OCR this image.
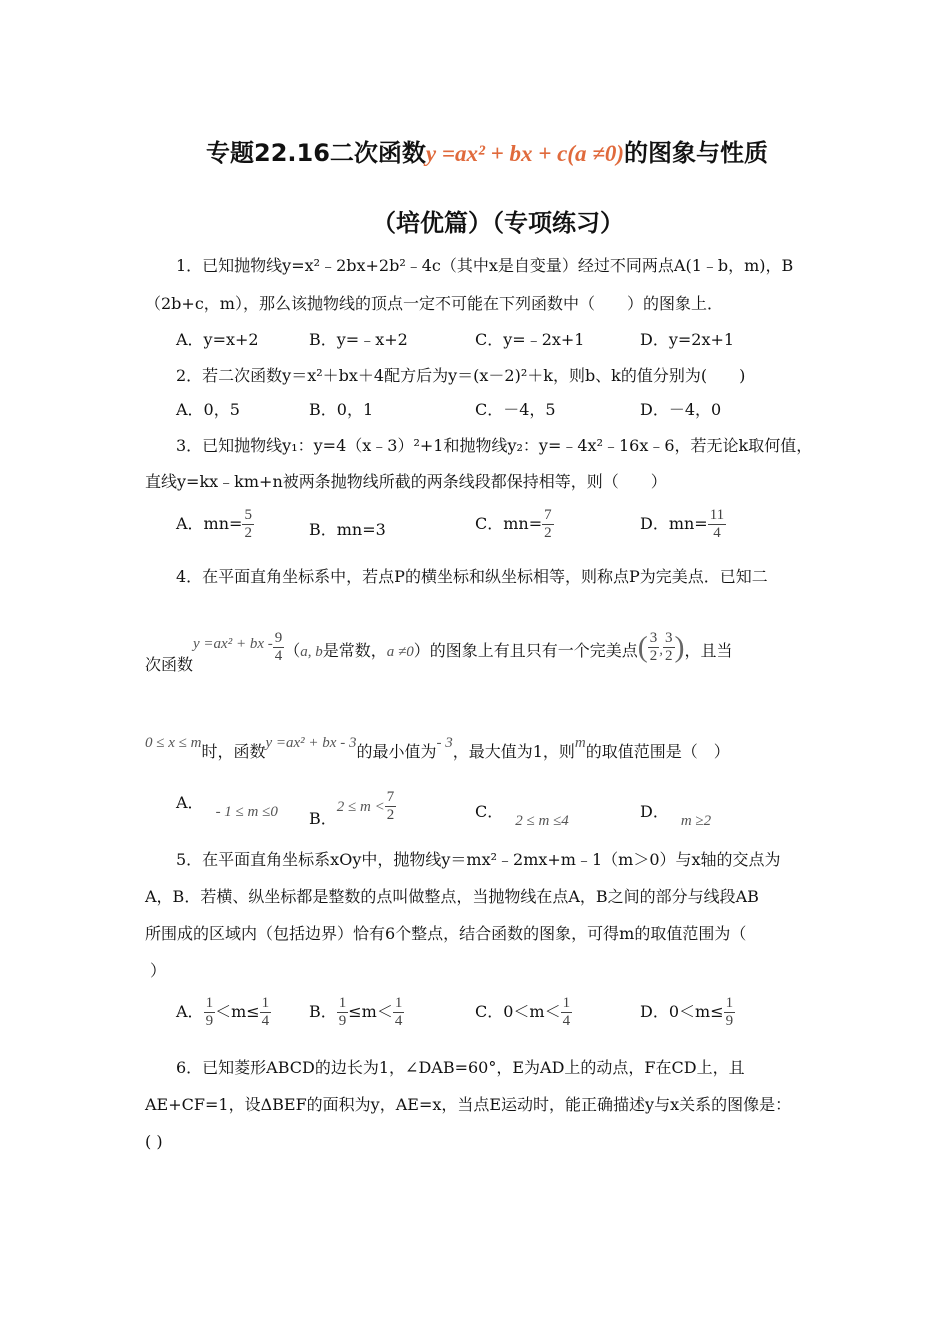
专题22.16二次函数y =ax² + bx + c(a ≠0)的图象与性质
（培优篇）（专项练习）
1．已知抛物线y=x²﹣2bx+2b²﹣4c（其中x是自变量）经过不同两点A(1﹣b，m)，B
（2b+c，m），那么该抛物线的顶点一定不可能在下列函数中（　　）的图象上．
A．y=x+2	B．y=﹣x+2	C．y=﹣2x+1	D．y=2x+1
2．若二次函数y＝x²＋bx＋4配方后为y＝(x－2)²＋k，则b、k的值分别为(　　)
A．0，5	B．0，1	C．－4，5	D．－4，0
3．已知抛物线y₁：y=4（x﹣3）²+1和抛物线y₂：y=﹣4x²﹣16x﹣6，若无论k取何值，
直线y=kx﹣km+n被两条抛物线所截的两条线段都保持相等，则（　　）
A．$mn= \frac{5}{2}$	B．mn=3	C．$mn= \frac{7}{2}$	D．$mn= \frac{11}{4}$
4．在平面直角坐标系中，若点P的横坐标和纵坐标相等，则称点P为完美点．已知二
次函数y =ax² + bx - $\frac{9}{4} (a$, b是常数，a ≠0）的图象上有且只有一个完美点( $\frac{3}{2}$ , $\frac{3}{2}$ )，且当
0 ≤ x ≤ m时，函数y =ax² + bx - 3的最小值为- 3，最大值为1，则m的取值范围是（　）
A． - 1 ≤ m ≤0 B．$2 \le m < \frac{7}{2}$	C． 2 ≤ m ≤4	D． m ≥2
5．在平面直角坐标系xOy中，抛物线y＝mx²﹣2mx+m﹣1（m＞0）与x轴的交点为
A，B．若横、纵坐标都是整数的点叫做整点，当抛物线在点A，B之间的部分与线段AB
所围成的区域内（包括边界）恰有6个整点，结合函数的图象，可得m的取值范围为（
）
A． $\frac{1}{9} <m\le \frac{1}{4}$ B． $\frac{1}{9} \le m< \frac{1}{4}$	C．$0<m< \frac{1}{4}$	D．$0<m\le \frac{1}{9}$
6．已知菱形ABCD的边长为1，∠DAB=60°，E为AD上的动点，F在CD上，且
AE+CF=1，设ΔBEF的面积为y，AE=x，当点E运动时，能正确描述y与x关系的图像是：
( )
